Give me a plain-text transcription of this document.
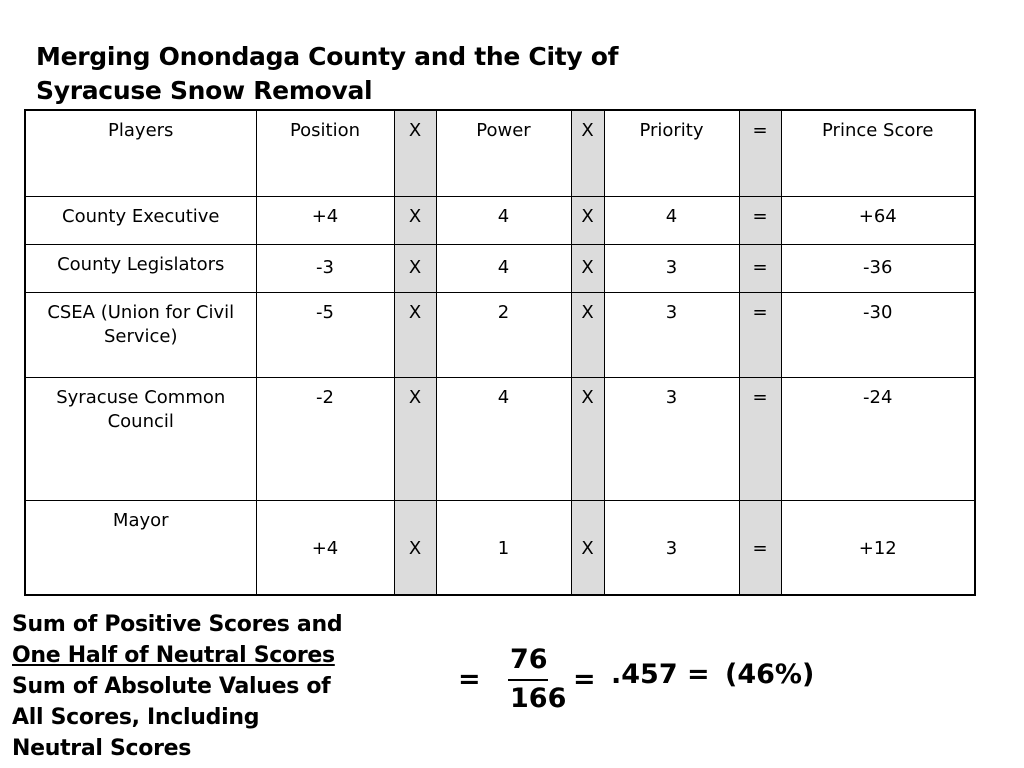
Merging Onondaga County and the City of
Syracuse Snow Removal
Players	Position	X	Power	X	Priority	=	Prince Score
County Executive	+4	X	4	X	4	=	+64
County Legislators	-3	X	4	X	3	=	-36
CSEA (Union for Civil Service)	-5	X	2	X	3	=	-30
Syracuse Common Council	-2	X	4	X	3	=	-24
Mayor	+4	X	1	X	3	=	+12
Sum of Positive Scores and
One Half of Neutral Scores
Sum of Absolute Values of
All Scores, Including
Neutral Scores
=
76
166
= .457 = (46%)
